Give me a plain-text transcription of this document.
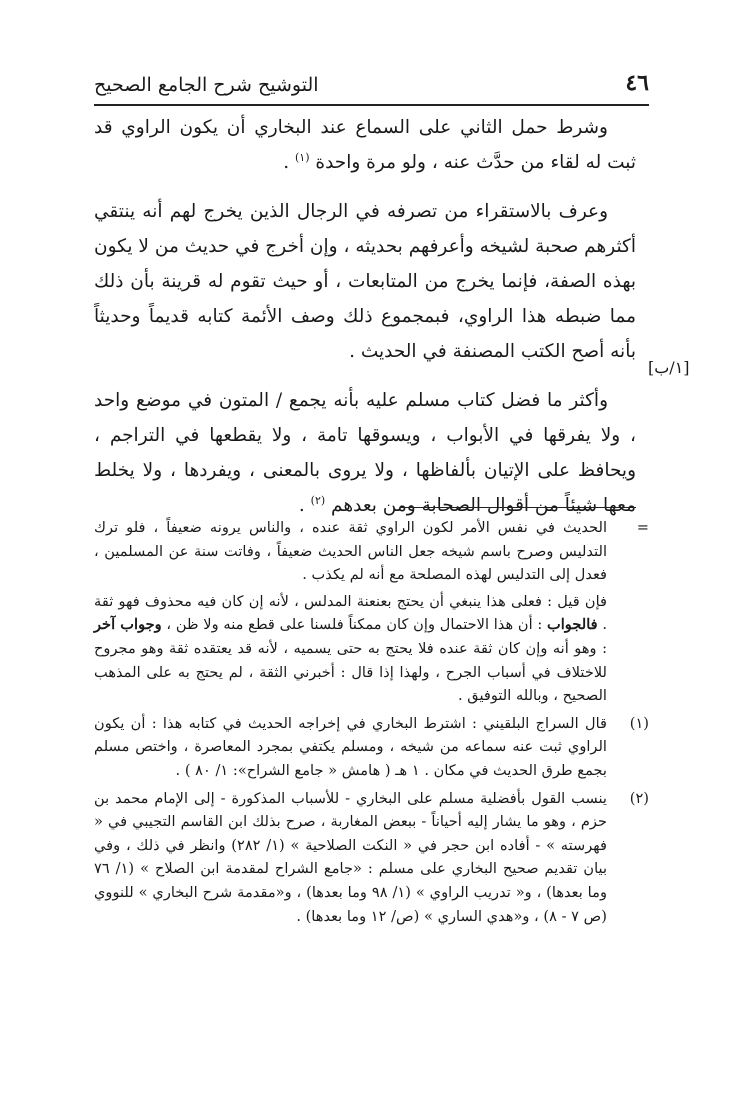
٤٦
التوشيح شرح الجامع الصحيح
[١/ب]

وشرط حمل الثاني على السماع عند البخاري أن يكون الراوي قد ثبت له لقاء من حدَّث عنه ، ولو مرة واحدة $^{(١)}$ .

وعرف بالاستقراء من تصرفه في الرجال الذين يخرج لهم أنه ينتقي أكثرهم صحبة لشيخه وأعرفهم بحديثه ، وإن أخرج في حديث من لا يكون بهذه الصفة، فإنما يخرج من المتابعات ، أو حيث تقوم له قرينة بأن ذلك مما ضبطه هذا الراوي، فبمجموع ذلك وصف الأئمة كتابه قديماً وحديثاً بأنه أصح الكتب المصنفة في الحديث .

وأكثر ما فضل كتاب مسلم عليه بأنه يجمع / المتون في موضع واحد ، ولا يفرقها في الأبواب ، ويسوقها تامة ، ولا يقطعها في التراجم ، ويحافظ على الإتيان بألفاظها ، ولا يروى بالمعنى ، ويفردها ، ولا يخلط معها شيئاً من أقوال الصحابة ومن بعدهم $^{(٢)}$ .

=

الحديث في نفس الأمر لكون الراوي ثقة عنده ، والناس يرونه ضعيفاً ، فلو ترك التدليس وصرح باسم شيخه جعل الناس الحديث ضعيفاً ، وفاتت سنة عن المسلمين ، فعدل إلى التدليس لهذه المصلحة مع أنه لم يكذب .

فإن قيل : فعلى هذا ينبغي أن يحتج بعنعنة المدلس ، لأنه إن كان فيه محذوف فهو ثقة . فالجواب : أن هذا الاحتمال وإن كان ممكناً فلسنا على قطع منه ولا ظن ، وجواب آخر : وهو أنه وإن كان ثقة عنده فلا يحتج به حتى يسميه ، لأنه قد يعتقده ثقة وهو مجروح للاختلاف في أسباب الجرح ، ولهذا إذا قال : أخبرني الثقة ، لم يحتج به على المذهب الصحيح ، وبالله التوفيق .

(١)

قال السراج البلقيني : اشترط البخاري في إخراجه الحديث في كتابه هذا : أن يكون الراوي ثبت عنه سماعه من شيخه ، ومسلم يكتفي بمجرد المعاصرة ، واختص مسلم بجمع طرق الحديث في مكان . ١ هـ ( هامش « جامع الشراح»: ١/ ٨٠ ) .

(٢)

ينسب القول بأفضلية مسلم على البخاري - للأسباب المذكورة - إلى الإمام محمد بن حزم ، وهو ما يشار إليه أحياناً - ببعض المغاربة ، صرح بذلك ابن القاسم التجيبي في « فهرسته » - أفاده ابن حجر في « النكت الصلاحية » (١/ ٢٨٢) وانظر في ذلك ، وفي بيان تقديم صحيح البخاري على مسلم : «جامع الشراح لمقدمة ابن الصلاح » (١/ ٧٦ وما بعدها) ، و« تدريب الراوي » (١/ ٩٨ وما بعدها) ، و«مقدمة شرح البخاري » للنووي (ص ٧ - ٨) ، و«هدي الساري » (ص/ ١٢ وما بعدها) .
